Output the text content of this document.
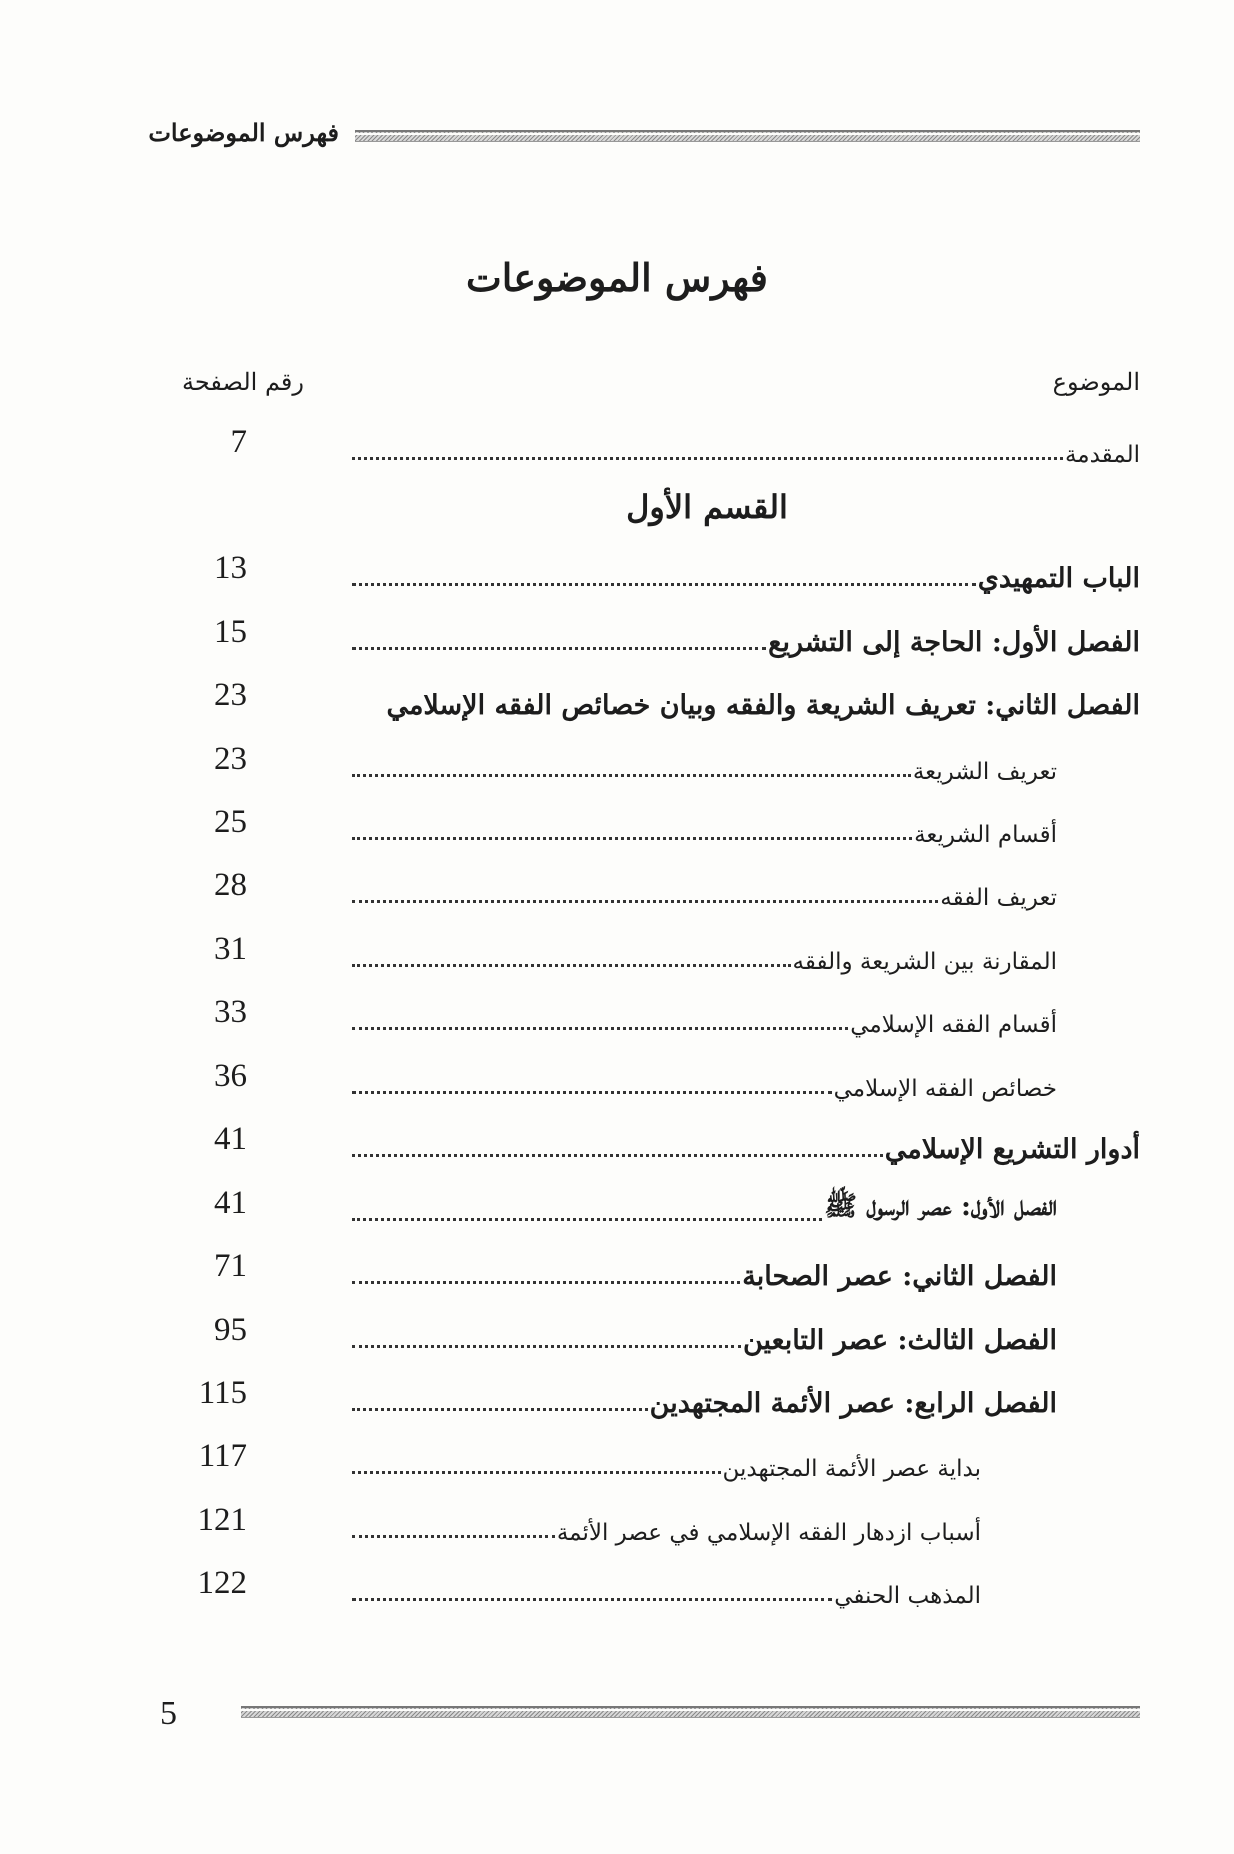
فهرس الموضوعات
فهرس الموضوعات
الموضوع
رقم الصفحة
المقدمة
7
القسم الأول
الباب التمهيدي
13
الفصل الأول: الحاجة إلى التشريع
15
الفصل الثاني: تعريف الشريعة والفقه وبيان خصائص الفقه الإسلامي
23
تعريف الشريعة
23
أقسام الشريعة
25
تعريف الفقه
28
المقارنة بين الشريعة والفقه
31
أقسام الفقه الإسلامي
33
خصائص الفقه الإسلامي
36
أدوار التشريع الإسلامي
41
الفصل الأول: عصر الرسول ﷺ
41
الفصل الثاني: عصر الصحابة
71
الفصل الثالث: عصر التابعين
95
الفصل الرابع: عصر الأئمة المجتهدين
115
بداية عصر الأئمة المجتهدين
117
أسباب ازدهار الفقه الإسلامي في عصر الأئمة
121
المذهب الحنفي
122
5
